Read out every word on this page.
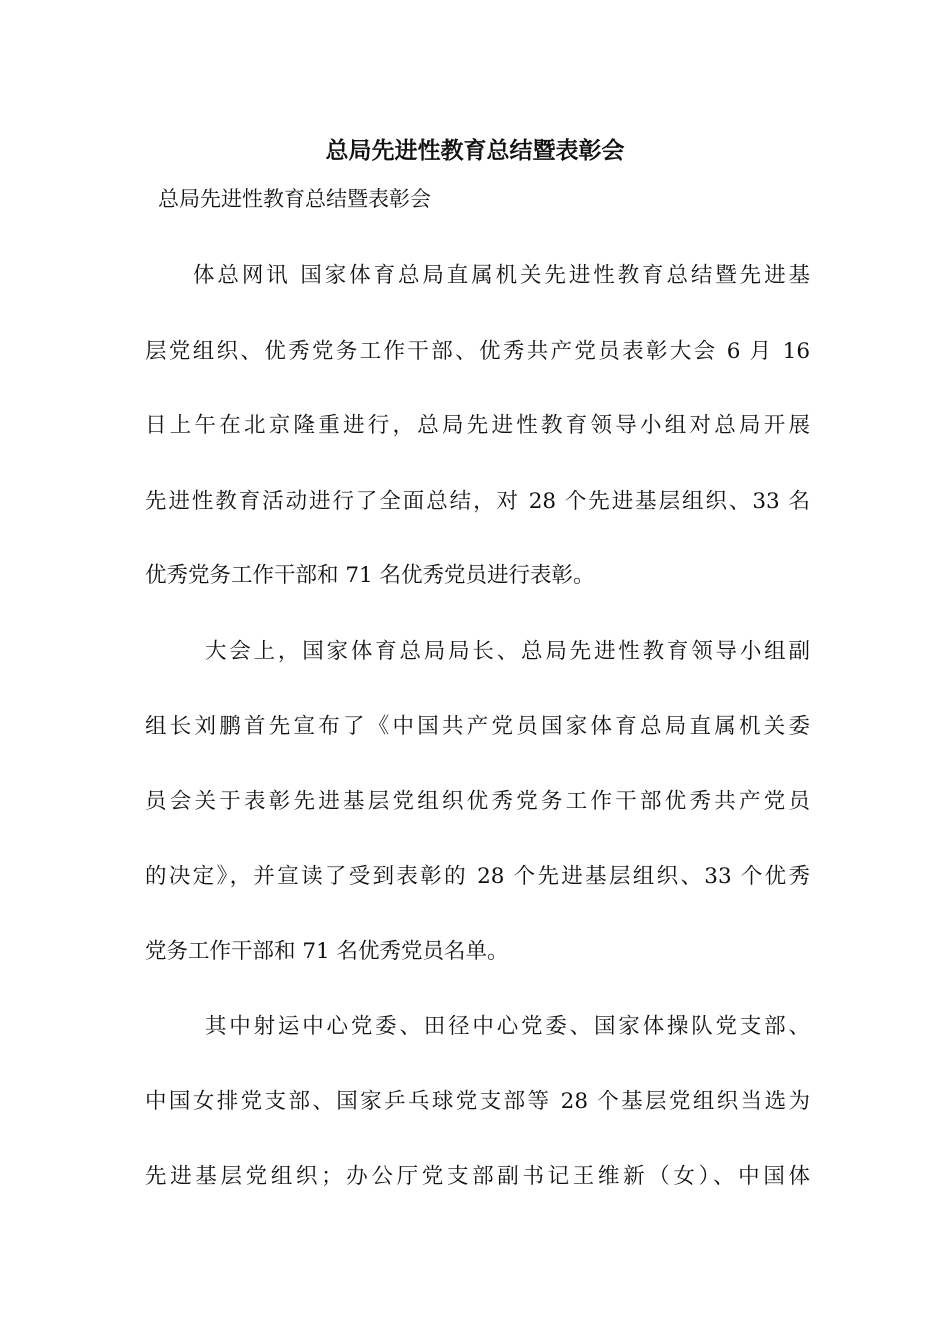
总局先进性教育总结暨表彰会
总局先进性教育总结暨表彰会
体总网讯 国家体育总局直属机关先进性教育总结暨先进基
层党组织、优秀党务工作干部、优秀共产党员表彰大会 6 月 16
日上午在北京隆重进行，总局先进性教育领导小组对总局开展
先进性教育活动进行了全面总结，对 28 个先进基层组织、33 名
优秀党务工作干部和 71 名优秀党员进行表彰。
大会上，国家体育总局局长、总局先进性教育领导小组副
组长刘鹏首先宣布了《中国共产党员国家体育总局直属机关委
员会关于表彰先进基层党组织优秀党务工作干部优秀共产党员
的决定》，并宣读了受到表彰的 28 个先进基层组织、33 个优秀
党务工作干部和 71 名优秀党员名单。
其中射运中心党委、田径中心党委、国家体操队党支部、
中国女排党支部、国家乒乓球党支部等 28 个基层党组织当选为
先进基层党组织；办公厅党支部副书记王维新（女）、中国体
